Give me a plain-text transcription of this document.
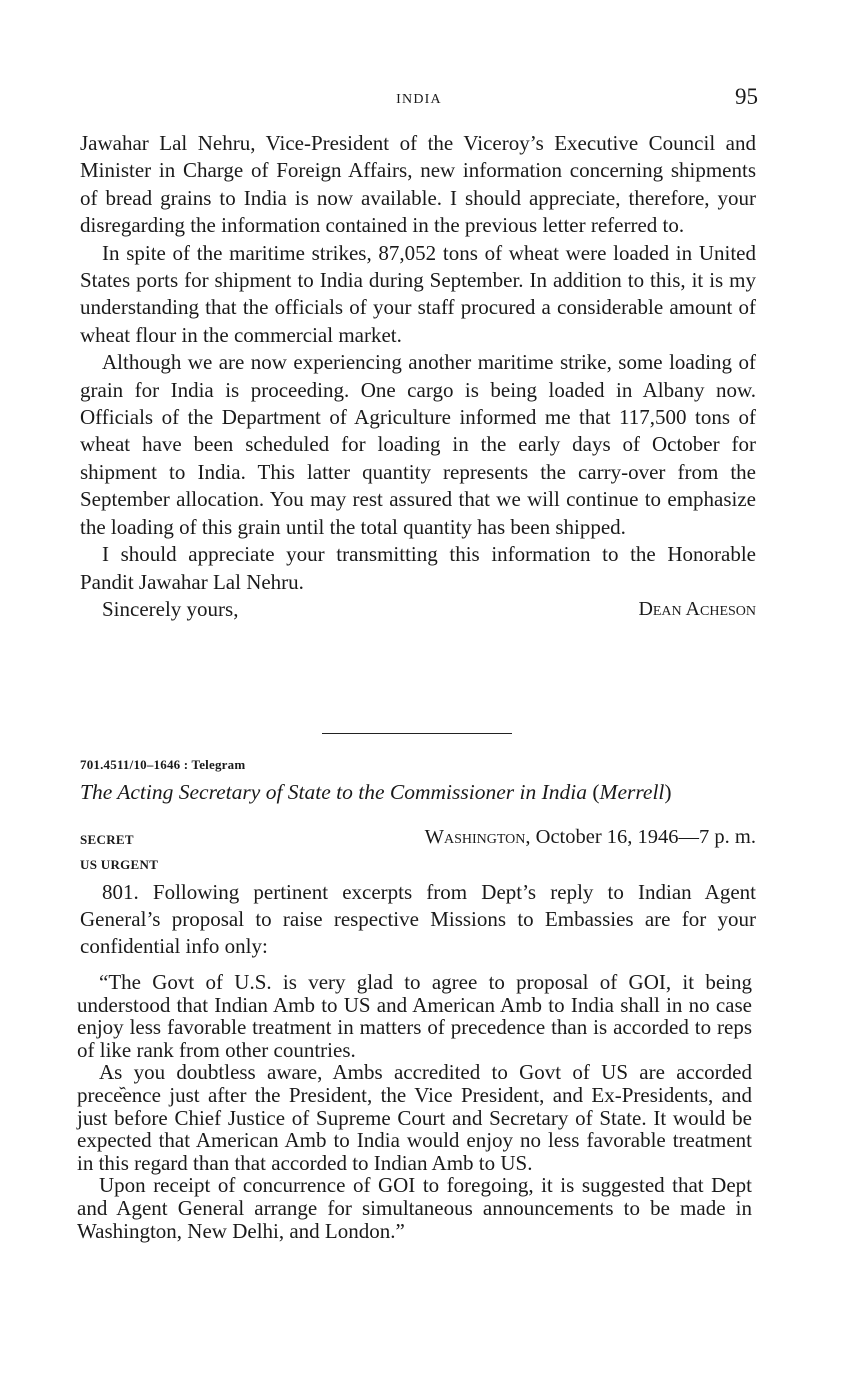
INDIA	95

Jawahar Lal Nehru, Vice-President of the Viceroy’s Executive Council and Minister in Charge of Foreign Affairs, new information concerning shipments of bread grains to India is now available. I should appreciate, therefore, your disregarding the information contained in the previous letter referred to.

In spite of the maritime strikes, 87,052 tons of wheat were loaded in United States ports for shipment to India during September. In addition to this, it is my understanding that the officials of your staff procured a considerable amount of wheat flour in the commercial market.

Although we are now experiencing another maritime strike, some loading of grain for India is proceeding. One cargo is being loaded in Albany now. Officials of the Department of Agriculture informed me that 117,500 tons of wheat have been scheduled for loading in the early days of October for shipment to India. This latter quantity represents the carry-over from the September allocation. You may rest assured that we will continue to emphasize the loading of this grain until the total quantity has been shipped.

I should appreciate your transmitting this information to the Honorable Pandit Jawahar Lal Nehru.

Sincerely yours,	Dean Acheson
701.4511/10–1646 : Telegram
The Acting Secretary of State to the Commissioner in India (Merrell)
SECRET
US URGENT
Washington, October 16, 1946—7 p. m.

801. Following pertinent excerpts from Dept’s reply to Indian Agent General’s proposal to raise respective Missions to Embassies are for your confidential info only:

“The Govt of U.S. is very glad to agree to proposal of GOI, it being understood that Indian Amb to US and American Amb to India shall in no case enjoy less favorable treatment in matters of precedence than is accorded to reps of like rank from other countries.

As you doubtless aware, Ambs accredited to Govt of US are accorded prece᷈ence just after the President, the Vice President, and Ex-Presidents, and just before Chief Justice of Supreme Court and Secretary of State. It would be expected that American Amb to India would enjoy no less favorable treatment in this regard than that accorded to Indian Amb to US.

Upon receipt of concurrence of GOI to foregoing, it is suggested that Dept and Agent General arrange for simultaneous announcements to be made in Washington, New Delhi, and London.”
